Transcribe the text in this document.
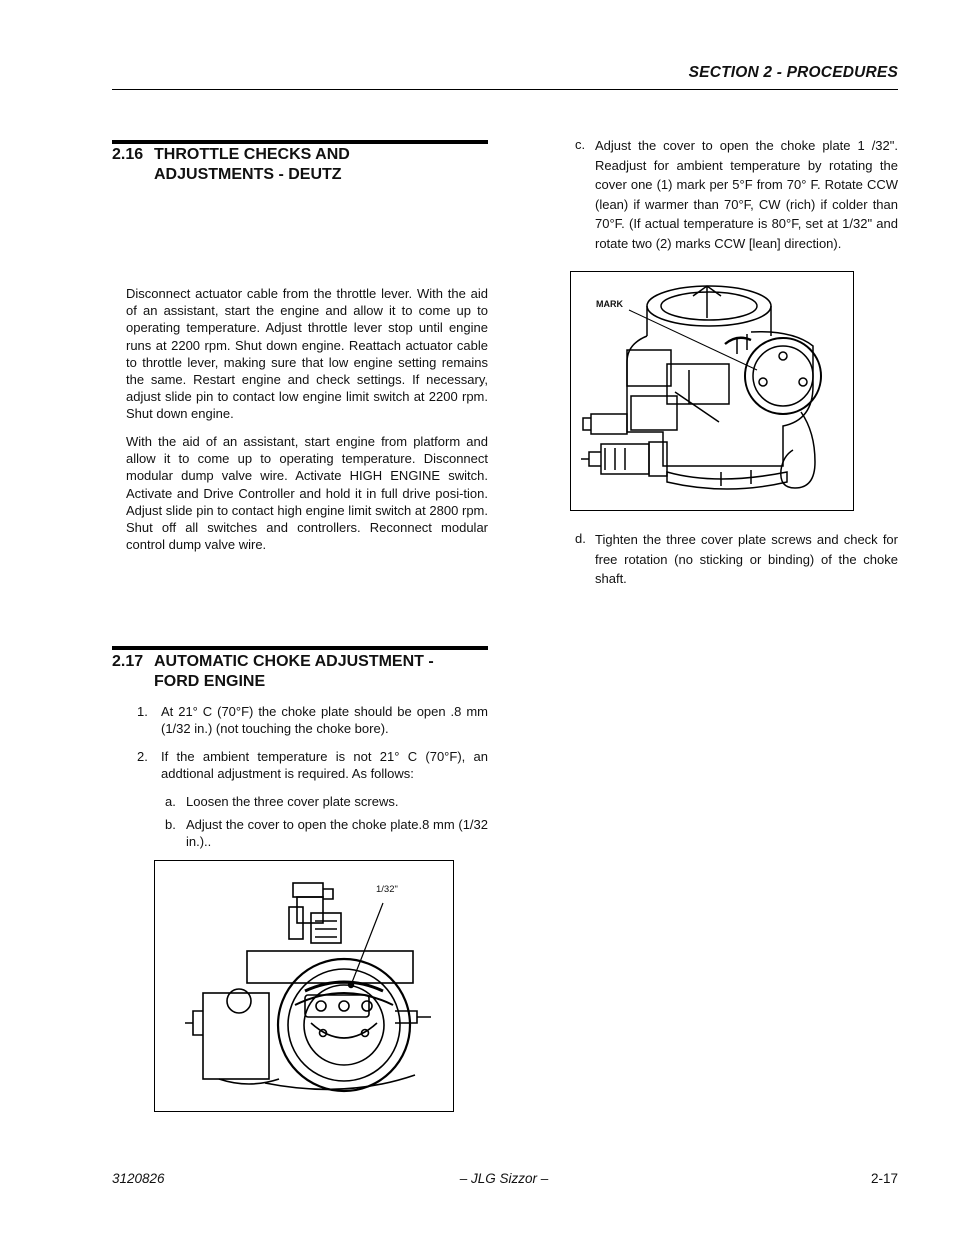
SECTION 2 - PROCEDURES
2.16 THROTTLE CHECKS AND
ADJUSTMENTS - DEUTZ
Disconnect actuator cable from the throttle lever. With the aid of an assistant, start the engine and allow it to come up to operating temperature. Adjust throttle lever stop until engine runs at 2200 rpm. Shut down engine. Reattach actuator cable to throttle lever, making sure that low engine setting remains the same. Restart engine and check settings. If necessary, adjust slide pin to contact low engine limit switch at 2200 rpm. Shut down engine.
With the aid of an assistant, start engine from platform and allow it to come up to operating temperature. Disconnect modular dump valve wire. Activate HIGH ENGINE switch. Activate and Drive Controller and hold it in full drive posi-tion. Adjust slide pin to contact high engine limit switch at 2800 rpm. Shut off all switches and controllers. Reconnect modular control dump valve wire.
2.17 AUTOMATIC CHOKE ADJUSTMENT -
FORD ENGINE
1. At 21° C (70°F) the choke plate should be open .8 mm (1/32 in.) (not touching the choke bore).
2. If the ambient temperature is not 21° C (70°F), an addtional adjustment is required. As follows:
a. Loosen the three cover plate screws.
b. Adjust the cover to open the choke plate.8 mm (1/32 in.)..
1/32"
c. Adjust the cover to open the choke plate 1 /32". Readjust for ambient temperature by rotating the cover one (1) mark per 5°F from 70° F. Rotate CCW (lean) if warmer than 70°F, CW (rich) if colder than 70°F. (If actual temperature is 80°F, set at 1/32" and rotate two (2) marks CCW [lean] direction).
MARK
d. Tighten the three cover plate screws and check for free rotation (no sticking or binding) of the choke shaft.
3120826	– JLG Sizzor –	2-17
